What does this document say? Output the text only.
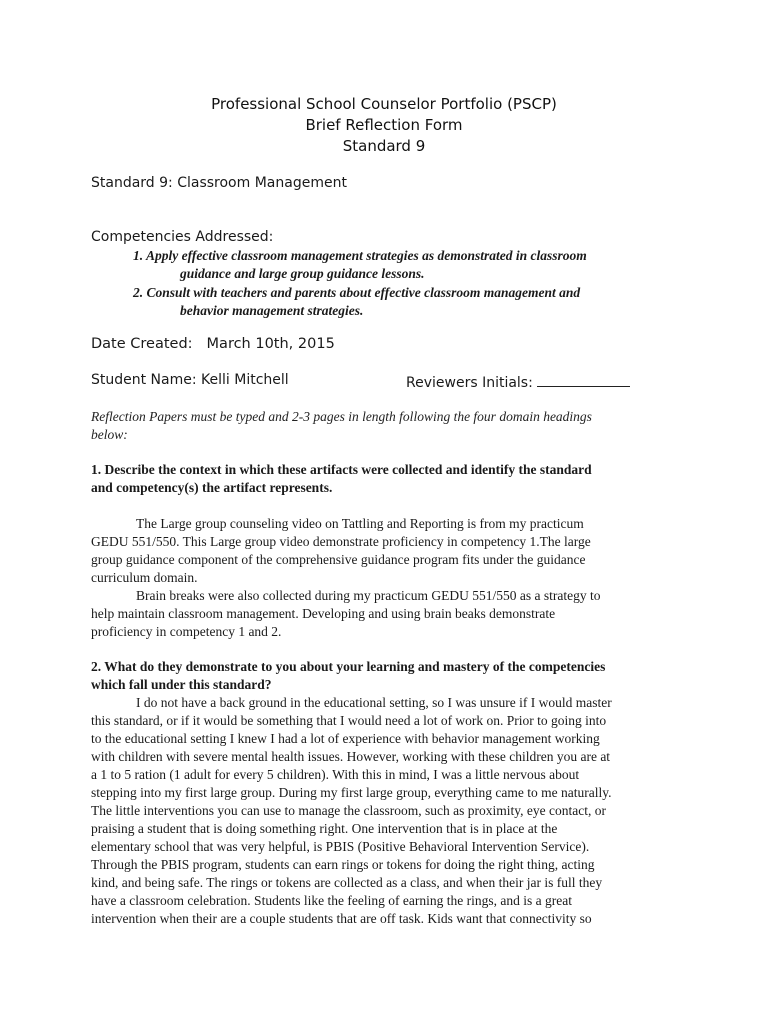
Professional School Counselor Portfolio (PSCP)
Brief Reflection Form
Standard 9
Standard 9: Classroom Management
Competencies Addressed:
1. Apply effective classroom management strategies as demonstrated in classroom
guidance and large group guidance lessons.
2. Consult with teachers and parents about effective classroom management and
behavior management strategies.
Date Created: March 10th, 2015
Student Name: Kelli Mitchell	Reviewers Initials:
Reflection Papers must be typed and 2-3 pages in length following the four domain headings
below:
1. Describe the context in which these artifacts were collected and identify the standard
and competency(s) the artifact represents.
The Large group counseling video on Tattling and Reporting is from my practicum
GEDU 551/550. This Large group video demonstrate proficiency in competency 1.The large
group guidance component of the comprehensive guidance program fits under the guidance
curriculum domain.
Brain breaks were also collected during my practicum GEDU 551/550 as a strategy to
help maintain classroom management. Developing and using brain beaks demonstrate
proficiency in competency 1 and 2.
2. What do they demonstrate to you about your learning and mastery of the competencies
which fall under this standard?
I do not have a back ground in the educational setting, so I was unsure if I would master
this standard, or if it would be something that I would need a lot of work on. Prior to going into
to the educational setting I knew I had a lot of experience with behavior management working
with children with severe mental health issues. However, working with these children you are at
a 1 to 5 ration (1 adult for every 5 children). With this in mind, I was a little nervous about
stepping into my first large group. During my first large group, everything came to me naturally.
The little interventions you can use to manage the classroom, such as proximity, eye contact, or
praising a student that is doing something right. One intervention that is in place at the
elementary school that was very helpful, is PBIS (Positive Behavioral Intervention Service).
Through the PBIS program, students can earn rings or tokens for doing the right thing, acting
kind, and being safe. The rings or tokens are collected as a class, and when their jar is full they
have a classroom celebration. Students like the feeling of earning the rings, and is a great
intervention when their are a couple students that are off task. Kids want that connectivity so
